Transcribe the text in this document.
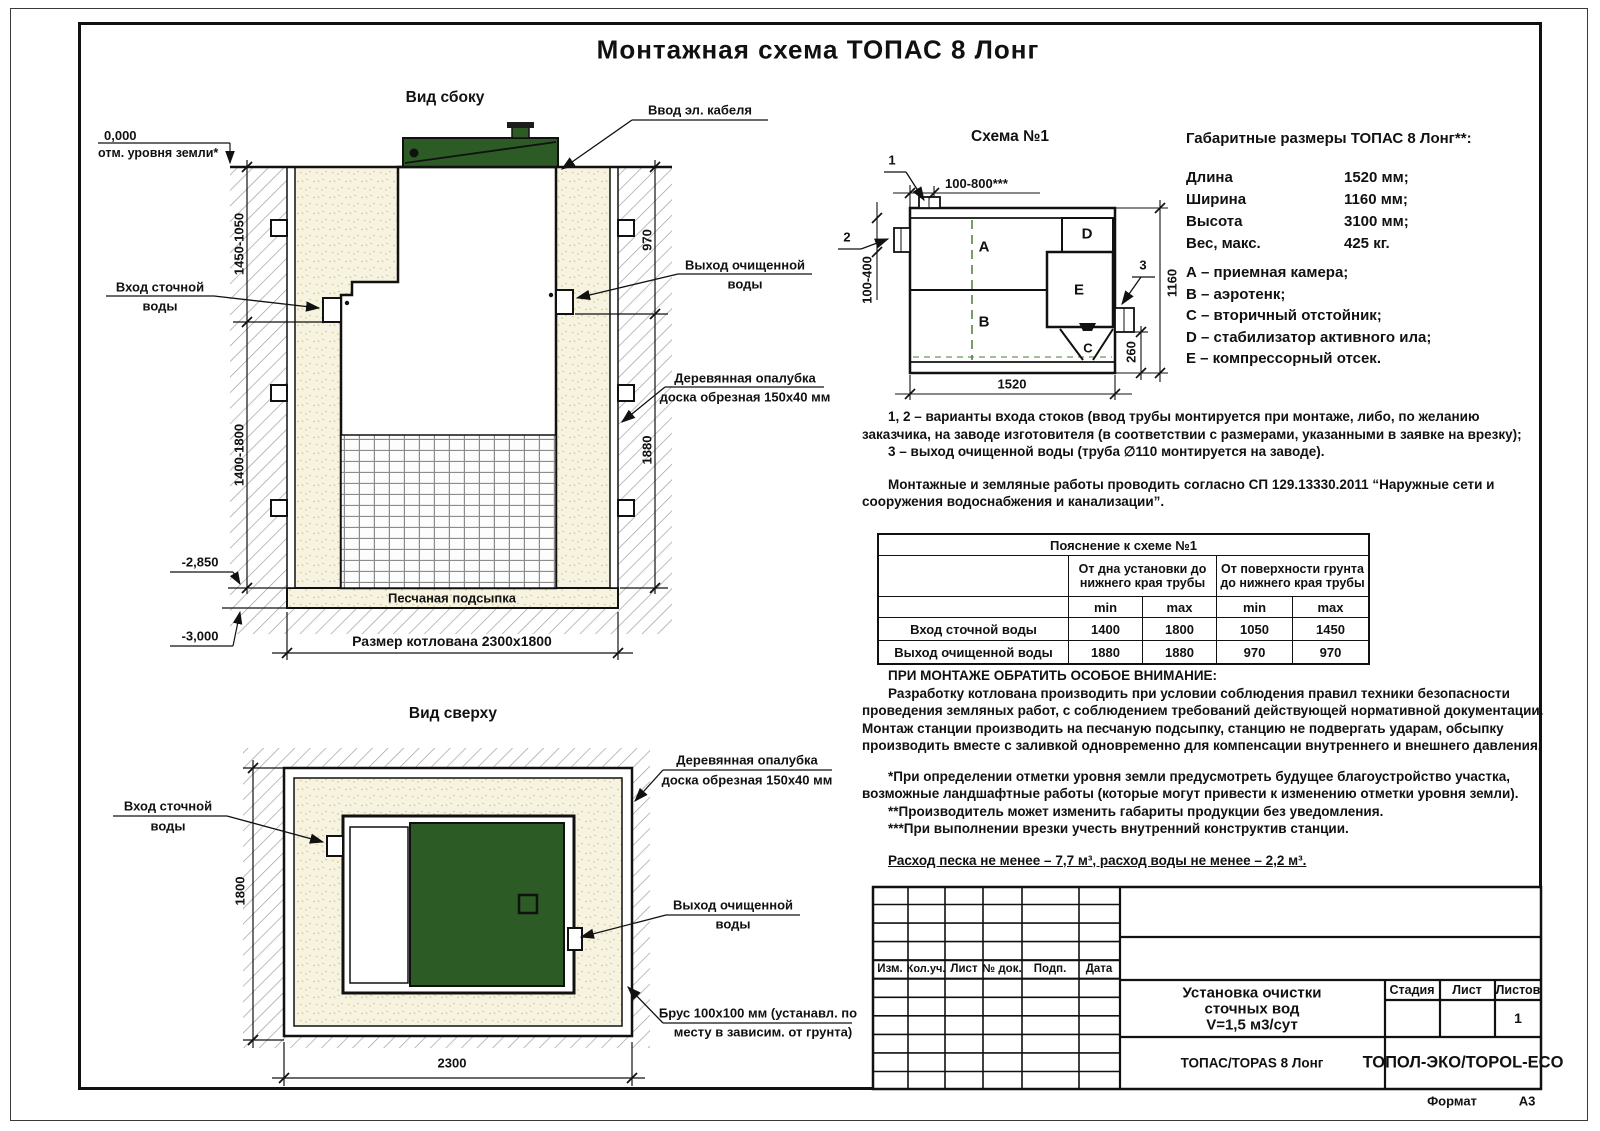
Монтажная схема ТОПАС 8 Лонг
Вид сбоку
0,000
отм. уровня земли*
Ввод эл. кабеля
Вход сточной
воды
Выход очищенной
воды
Деревянная опалубка
доска обрезная 150x40 мм
1450-1050
1400-1800
970
1880
-2,850
-3,000
Песчаная подсыпка
Размер котлована 2300х1800
Вид сверху
Вход сточной
воды
Выход очищенной
воды
Деревянная опалубка
доска обрезная 150x40 мм
Брус 100х100 мм (устанавл. по
месту в зависим. от грунта)
1800
2300
Схема №1
1
2
3
A
B
C
D
E
100-800***
100-400	1160
260
1520
Габаритные размеры ТОПАС 8 Лонг**:
Длина	1520 мм;
Ширина	1160 мм;
Высота	3100 мм;
Вес, макс.	425 кг.
А – приемная камера;
В – аэротенк;
С – вторичный отстойник;
D – стабилизатор активного ила;
Е – компрессорный отсек.

1, 2 – варианты входа стоков (ввод трубы монтируется при монтаже, либо, по желанию заказчика, на заводе изготовителя (в соответствии с размерами, указанными в заявке на врезку);

3 – выход очищенной воды (труба ∅110 монтируется на заводе).

Монтажные и земляные работы проводить согласно СП 129.13330.2011 “Наружные сети и сооружения водоснабжения и канализации”.

Пояснение к схеме №1
От дна установки до нижнего края трубы
От поверхности грунта до нижнего края трубы
min	max	min	max
Вход сточной воды	1400	1800	1050	1450
Выход очищенной воды	1880	1880	970	970

ПРИ МОНТАЖЕ ОБРАТИТЬ ОСОБОЕ ВНИМАНИЕ:

Разработку котлована производить при условии соблюдения правил техники безопасности проведения земляных работ, с соблюдением требований действующей нормативной документации. Монтаж станции производить на песчаную подсыпку, станцию не подвергать ударам, обсыпку производить вместе с заливкой одновременно для компенсации внутреннего и внешнего давления.

*При определении отметки уровня земли предусмотреть будущее благоустройство участка, возможные ландшафтные работы (которые могут привести к изменению отметки уровня земли).

**Производитель может изменить габариты продукции без уведомления.

***При выполнении врезки учесть внутренний конструктив станции.

Расход песка не менее – 7,7 м³, расход воды не менее – 2,2 м³.

Изм. Кол.уч. Лист № док. Подп. Дата
Установка очистки
сточных вод
V=1,5 м3/сут
Стадия Лист Листов
1
ТОПАС/TOPAS 8 Лонг ТОПОЛ-ЭКО/TOPOL-ECO
Формат	А3
